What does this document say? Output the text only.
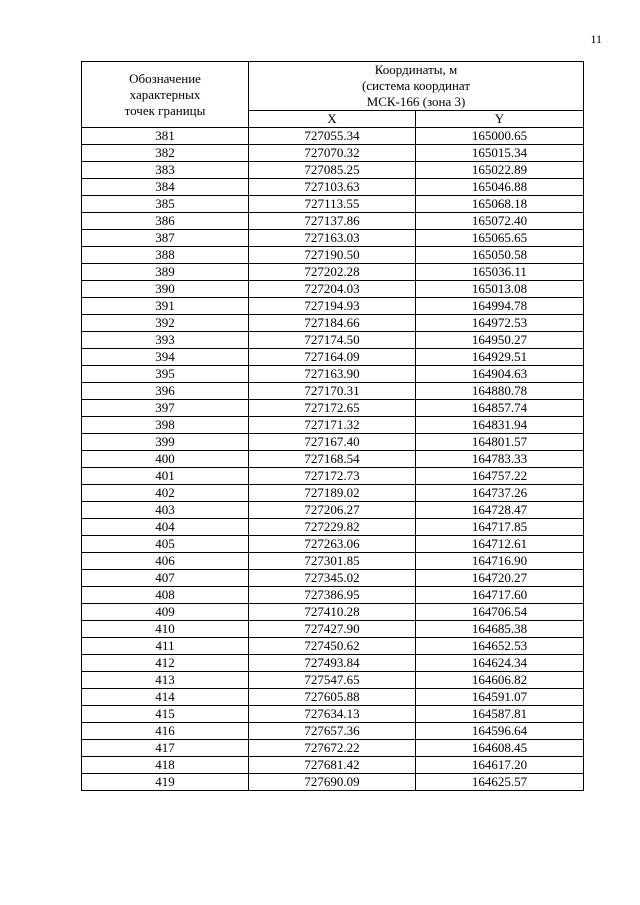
11
Обозначение
характерных
точек границы	Координаты, м
(система координат
МСК-166 (зона 3)	
	X	Y
381	727055.34	165000.65
382	727070.32	165015.34
383	727085.25	165022.89
384	727103.63	165046.88
385	727113.55	165068.18
386	727137.86	165072.40
387	727163.03	165065.65
388	727190.50	165050.58
389	727202.28	165036.11
390	727204.03	165013.08
391	727194.93	164994.78
392	727184.66	164972.53
393	727174.50	164950.27
394	727164.09	164929.51
395	727163.90	164904.63
396	727170.31	164880.78
397	727172.65	164857.74
398	727171.32	164831.94
399	727167.40	164801.57
400	727168.54	164783.33
401	727172.73	164757.22
402	727189.02	164737.26
403	727206.27	164728.47
404	727229.82	164717.85
405	727263.06	164712.61
406	727301.85	164716.90
407	727345.02	164720.27
408	727386.95	164717.60
409	727410.28	164706.54
410	727427.90	164685.38
411	727450.62	164652.53
412	727493.84	164624.34
413	727547.65	164606.82
414	727605.88	164591.07
415	727634.13	164587.81
416	727657.36	164596.64
417	727672.22	164608.45
418	727681.42	164617.20
419	727690.09	164625.57
